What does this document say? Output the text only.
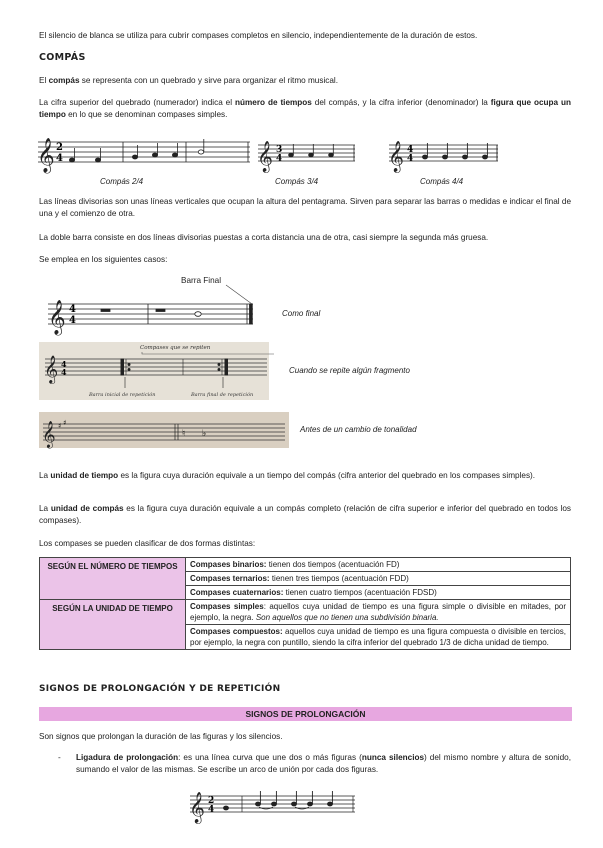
El silencio de blanca se utiliza para cubrir compases completos en silencio, independientemente de la duración de estos.

COMPÁS

El compás se representa con un quebrado y sirve para organizar el ritmo musical.

La cifra superior del quebrado (numerador) indica el número de tiempos del compás, y la cifra inferior (denominador) la figura que ocupa un tiempo en lo que se denominan compases simples.

𝄞 2
4
Compás 2/4
𝄞 3
4
Compás 3/4
𝄞 4
4
Compás 4/4

Las líneas divisorias son unas líneas verticales que ocupan la altura del pentagrama. Sirven para separar las barras o medidas e indicar el final de una y el comienzo de otra.

La doble barra consiste en dos líneas divisorias puestas a corta distancia una de otra, casi siempre la segunda más gruesa.

Se emplea en los siguientes casos:

Barra Final
𝄞 4
4
Como final
Compases que se repiten
𝄞 4
4
Barra inicial de repetición	Barra final de repetición
Cuando se repite algún fragmento
𝄞 ♯ ♯
♮ ♭	Antes de un cambio de tonalidad

La unidad de tiempo es la figura cuya duración equivale a un tiempo del compás (cifra anterior del quebrado en los compases simples).

La unidad de compás es la figura cuya duración equivale a un compás completo (relación de cifra superior e inferior del quebrado en todos los compases).

Los compases se pueden clasificar de dos formas distintas:

SEGÚN EL NÚMERO DE TIEMPOS	Compases binarios: tienen dos tiempos (acentuación FD)
	Compases ternarios: tienen tres tiempos (acentuación FDD)
	Compases cuaternarios: tienen cuatro tiempos (acentuación FDSD)
SEGÚN LA UNIDAD DE TIEMPO	Compases simples: aquellos cuya unidad de tiempo es una figura simple o divisible en mitades, por ejemplo, la negra. Son aquellos que no tienen una subdivisión binaria.
	Compases compuestos: aquellos cuya unidad de tiempo es una figura compuesta o divisible en tercios, por ejemplo, la negra con puntillo, siendo la cifra inferior del quebrado 1/3 de dicha unidad de tiempo.
SIGNOS DE PROLONGACIÓN Y DE REPETICIÓN
SIGNOS DE PROLONGACIÓN

Son signos que prolongan la duración de las figuras y los silencios.

- Ligadura de prolongación: es una línea curva que une dos o más figuras (nunca silencios) del mismo nombre y altura de sonido, sumando el valor de las mismas. Se escribe un arco de unión por cada dos figuras.

𝄞 2
4
